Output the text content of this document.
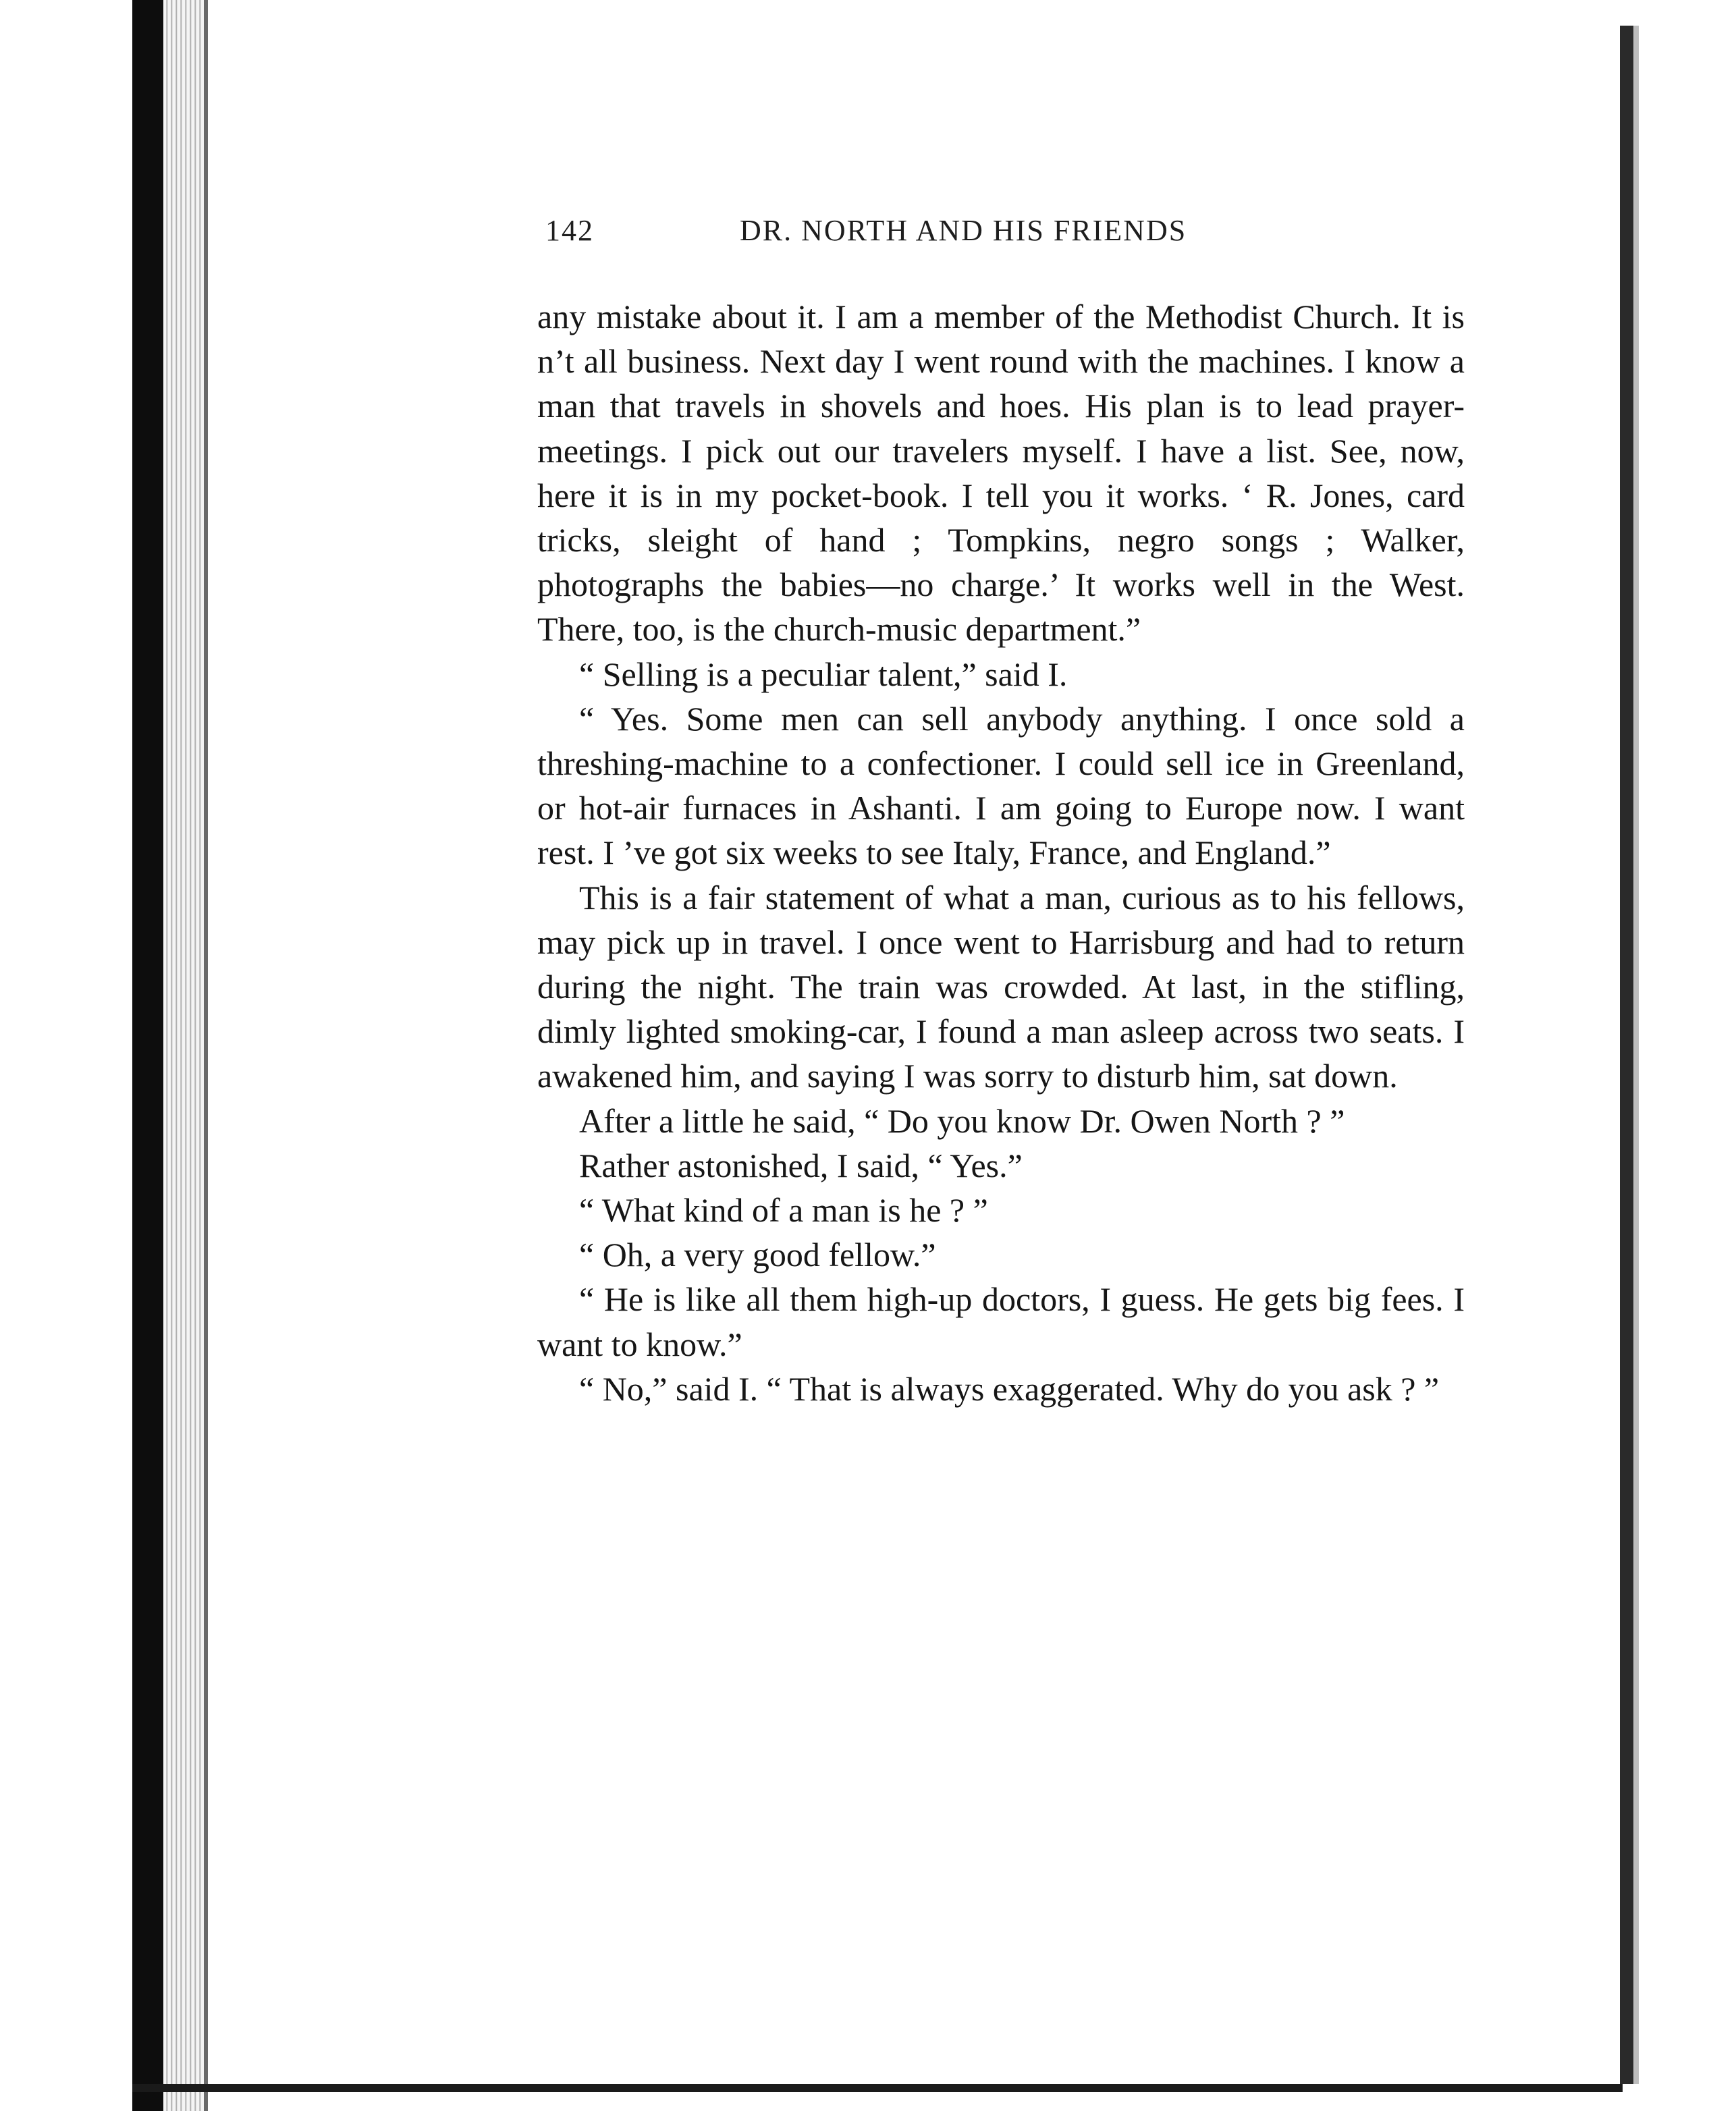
142	DR. NORTH AND HIS FRIENDS

any mistake about it. I am a member of the Methodist Church. It is n’t all business. Next day I went round with the machines. I know a man that travels in shovels and hoes. His plan is to lead prayer-meetings. I pick out our travelers myself. I have a list. See, now, here it is in my pocket-book. I tell you it works. ‘ R. Jones, card tricks, sleight of hand ; Tompkins, negro songs ; Walker, photographs the babies—no charge.’ It works well in the West. There, too, is the church-music department.”

“ Selling is a peculiar talent,” said I.

“ Yes. Some men can sell anybody anything. I once sold a threshing-machine to a confectioner. I could sell ice in Greenland, or hot-air furnaces in Ashanti. I am going to Europe now. I want rest. I ’ve got six weeks to see Italy, France, and England.”

This is a fair statement of what a man, curious as to his fellows, may pick up in travel. I once went to Harrisburg and had to return during the night. The train was crowded. At last, in the stifling, dimly lighted smoking-car, I found a man asleep across two seats. I awakened him, and saying I was sorry to disturb him, sat down.

After a little he said, “ Do you know Dr. Owen North ? ”

Rather astonished, I said, “ Yes.”

“ What kind of a man is he ? ”

“ Oh, a very good fellow.”

“ He is like all them high-up doctors, I guess. He gets big fees. I want to know.”

“ No,” said I. “ That is always exaggerated. Why do you ask ? ”
